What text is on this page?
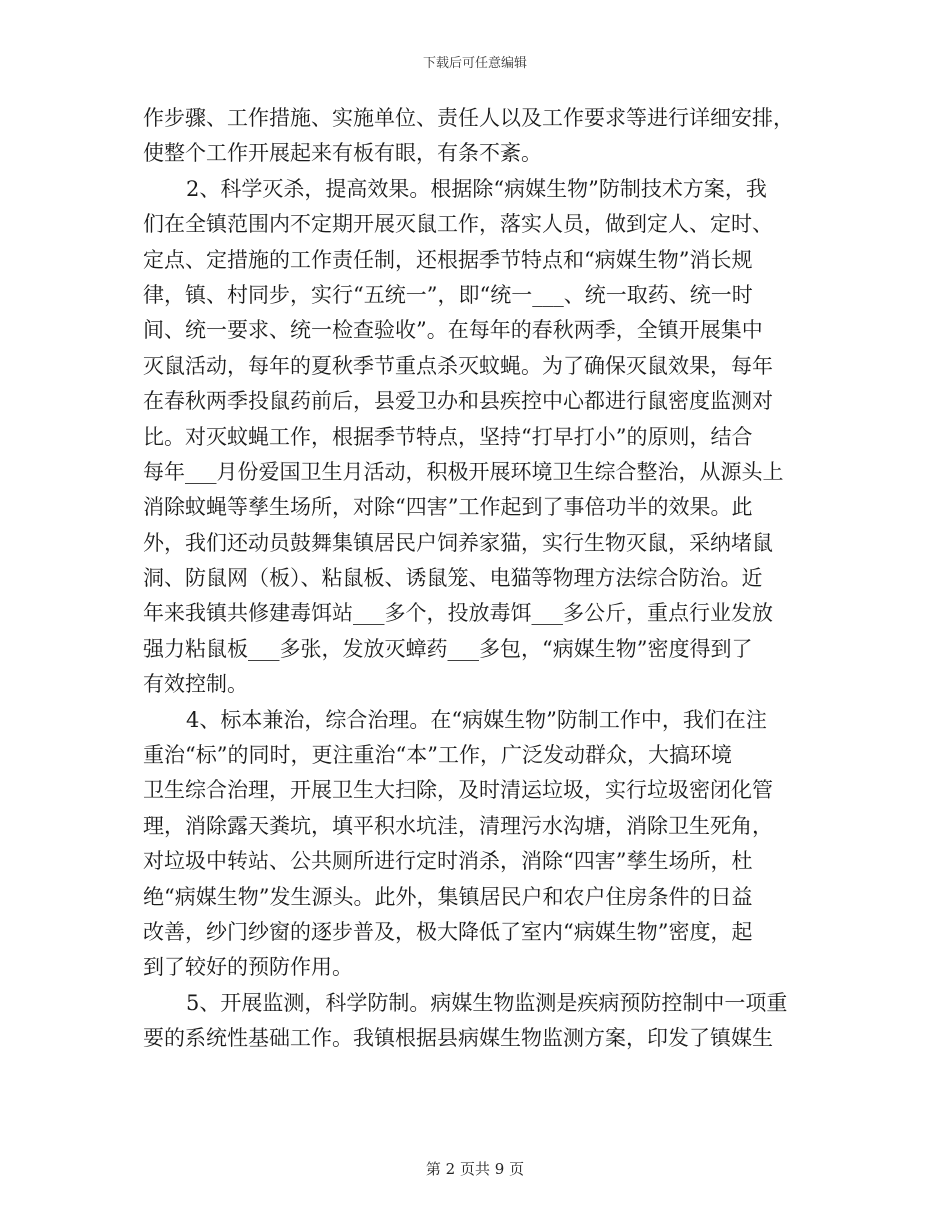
下载后可任意编辑
作步骤、工作措施、实施单位、责任人以及工作要求等进行详细安排，
使整个工作开展起来有板有眼，有条不紊。
2、科学灭杀，提高效果。根据除“病媒生物”防制技术方案，我
们在全镇范围内不定期开展灭鼠工作，落实人员，做到定人、定时、
定点、定措施的工作责任制，还根据季节特点和“病媒生物”消长规
律，镇、村同步，实行“五统一”，即“统一___、统一取药、统一时
间、统一要求、统一检查验收”。在每年的春秋两季，全镇开展集中
灭鼠活动，每年的夏秋季节重点杀灭蚊蝇。为了确保灭鼠效果，每年
在春秋两季投鼠药前后，县爱卫办和县疾控中心都进行鼠密度监测对
比。对灭蚊蝇工作，根据季节特点，坚持“打早打小”的原则，结合
每年___月份爱国卫生月活动，积极开展环境卫生综合整治，从源头上
消除蚊蝇等孳生场所，对除“四害”工作起到了事倍功半的效果。此
外，我们还动员鼓舞集镇居民户饲养家猫，实行生物灭鼠，采纳堵鼠
洞、防鼠网（板）、粘鼠板、诱鼠笼、电猫等物理方法综合防治。近
年来我镇共修建毒饵站___多个，投放毒饵___多公斤，重点行业发放
强力粘鼠板___多张，发放灭蟑药___多包，“病媒生物”密度得到了
有效控制。
4、标本兼治，综合治理。在“病媒生物”防制工作中，我们在注
重治“标”的同时，更注重治“本”工作，广泛发动群众，大搞环境
卫生综合治理，开展卫生大扫除，及时清运垃圾，实行垃圾密闭化管
理，消除露天粪坑，填平积水坑洼，清理污水沟塘，消除卫生死角，
对垃圾中转站、公共厕所进行定时消杀，消除“四害”孳生场所，杜
绝“病媒生物”发生源头。此外，集镇居民户和农户住房条件的日益
改善，纱门纱窗的逐步普及，极大降低了室内“病媒生物”密度，起
到了较好的预防作用。
5、开展监测，科学防制。病媒生物监测是疾病预防控制中一项重
要的系统性基础工作。我镇根据县病媒生物监测方案，印发了镇媒生
第 2 页共 9 页
